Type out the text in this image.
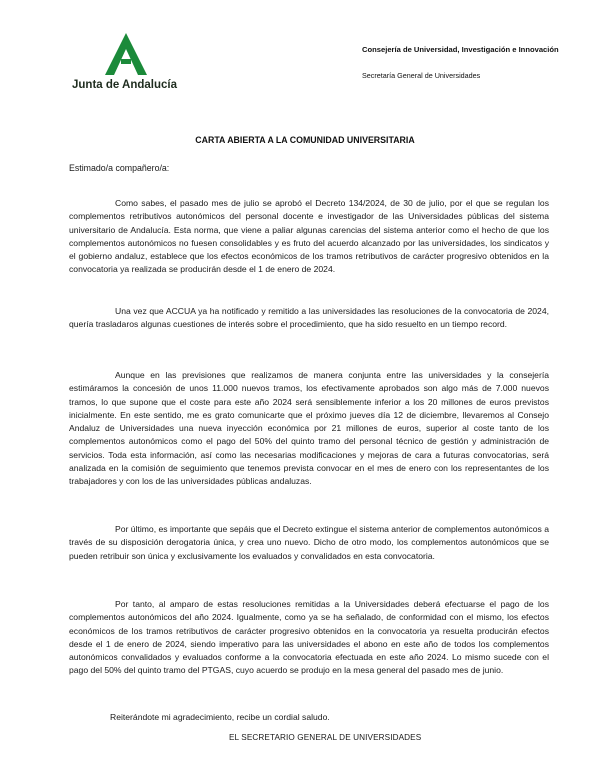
Junta de Andalucía
Consejería de Universidad, Investigación e Innovación
Secretaría General de Universidades
CARTA ABIERTA A LA COMUNIDAD UNIVERSITARIA
Estimado/a compañero/a:

Como sabes, el pasado mes de julio se aprobó el Decreto 134/2024, de 30 de julio, por el que se regulan los complementos retributivos autonómicos del personal docente e investigador de las Universidades públicas del sistema universitario de Andalucía. Esta norma, que viene a paliar algunas carencias del sistema anterior como el hecho de que los complementos autonómicos no fuesen consolidables y es fruto del acuerdo alcanzado por las universidades, los sindicatos y el gobierno andaluz, establece que los efectos económicos de los tramos retributivos de carácter progresivo obtenidos en la convocatoria ya realizada se producirán desde el 1 de enero de 2024.

Una vez que ACCUA ya ha notificado y remitido a las universidades las resoluciones de la convocatoria de 2024, quería trasladaros algunas cuestiones de interés sobre el procedimiento, que ha sido resuelto en un tiempo record.

Aunque en las previsiones que realizamos de manera conjunta entre las universidades y la consejería estimáramos la concesión de unos 11.000 nuevos tramos, los efectivamente aprobados son algo más de 7.000 nuevos tramos, lo que supone que el coste para este año 2024 será sensiblemente inferior a los 20 millones de euros previstos inicialmente. En este sentido, me es grato comunicarte que el próximo jueves día 12 de diciembre, llevaremos al Consejo Andaluz de Universidades una nueva inyección económica por 21 millones de euros, superior al coste tanto de los complementos autonómicos como el pago del 50% del quinto tramo del personal técnico de gestión y administración de servicios. Toda esta información, así como las necesarias modificaciones y mejoras de cara a futuras convocatorias, será analizada en la comisión de seguimiento que tenemos prevista convocar en el mes de enero con los representantes de los trabajadores y con los de las universidades públicas andaluzas.

Por último, es importante que sepáis que el Decreto extingue el sistema anterior de complementos autonómicos a través de su disposición derogatoria única, y crea uno nuevo. Dicho de otro modo, los complementos autonómicos que se pueden retribuir son única y exclusivamente los evaluados y convalidados en esta convocatoria.

Por tanto, al amparo de estas resoluciones remitidas a la Universidades deberá efectuarse el pago de los complementos autonómicos del año 2024. Igualmente, como ya se ha señalado, de conformidad con el mismo, los efectos económicos de los tramos retributivos de carácter progresivo obtenidos en la convocatoria ya resuelta producirán efectos desde el 1 de enero de 2024, siendo imperativo para las universidades el abono en este año de todos los complementos autonómicos convalidados y evaluados conforme a la convocatoria efectuada en este año 2024. Lo mismo sucede con el pago del 50% del quinto tramo del PTGAS, cuyo acuerdo se produjo en la mesa general del pasado mes de junio.

Reiterándote mi agradecimiento, recibe un cordial saludo.
EL SECRETARIO GENERAL DE UNIVERSIDADES
